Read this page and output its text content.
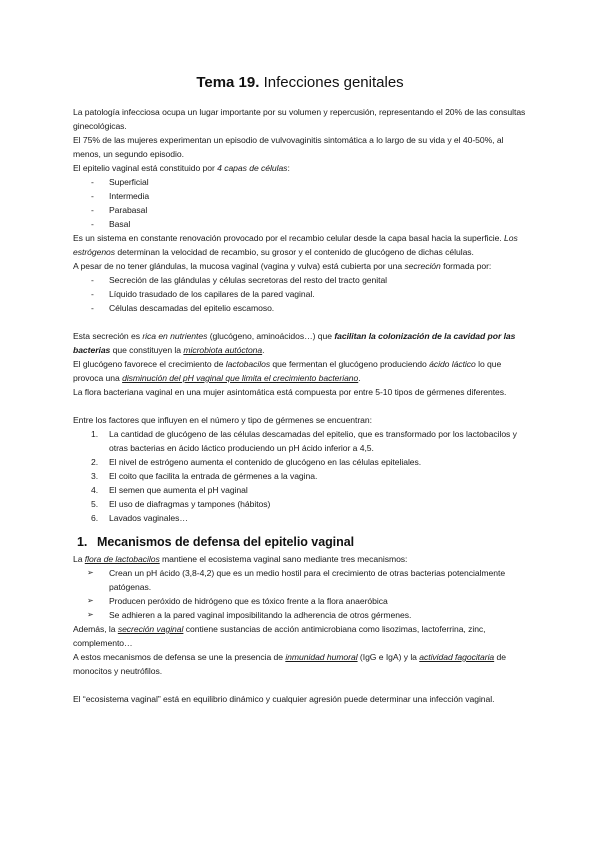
Tema 19. Infecciones genitales

La patología infecciosa ocupa un lugar importante por su volumen y repercusión, representando el 20% de las consultas ginecológicas.

El 75% de las mujeres experimentan un episodio de vulvovaginitis sintomática a lo largo de su vida y el 40-50%, al menos, un segundo episodio.

El epitelio vaginal está constituido por 4 capas de células:

- Superficial
- Intermedia
- Parabasal
- Basal

Es un sistema en constante renovación provocado por el recambio celular desde la capa basal hacia la superficie. Los estrógenos determinan la velocidad de recambio, su grosor y el contenido de glucógeno de dichas células.

A pesar de no tener glándulas, la mucosa vaginal (vagina y vulva) está cubierta por una secreción formada por:

- Secreción de las glándulas y células secretoras del resto del tracto genital
- Líquido trasudado de los capilares de la pared vaginal.
- Células descamadas del epitelio escamoso.

Esta secreción es rica en nutrientes (glucógeno, aminoácidos…) que facilitan la colonización de la cavidad por las bacterias que constituyen la microbiota autóctona.

El glucógeno favorece el crecimiento de lactobacilos que fermentan el glucógeno produciendo ácido láctico lo que provoca una disminución del pH vaginal que limita el crecimiento bacteriano.

La flora bacteriana vaginal en una mujer asintomática está compuesta por entre 5-10 tipos de gérmenes diferentes.

Entre los factores que influyen en el número y tipo de gérmenes se encuentran:

1. La cantidad de glucógeno de las células descamadas del epitelio, que es transformado por los lactobacilos y otras bacterias en ácido láctico produciendo un pH ácido inferior a 4,5.
2. El nivel de estrógeno aumenta el contenido de glucógeno en las células epiteliales.
3. El coito que facilita la entrada de gérmenes a la vagina.
4. El semen que aumenta el pH vaginal
5. El uso de diafragmas y tampones (hábitos)
6. Lavados vaginales…
1. Mecanismos de defensa del epitelio vaginal

La flora de lactobacilos mantiene el ecosistema vaginal sano mediante tres mecanismos:

➢ Crean un pH ácido (3,8-4,2) que es un medio hostil para el crecimiento de otras bacterias potencialmente patógenas.
➢ Producen peróxido de hidrógeno que es tóxico frente a la flora anaeróbica
➢ Se adhieren a la pared vaginal imposibilitando la adherencia de otros gérmenes.

Además, la secreción vaginal contiene sustancias de acción antimicrobiana como lisozimas, lactoferrina, zinc, complemento…

A estos mecanismos de defensa se une la presencia de inmunidad humoral (IgG e IgA) y la actividad fagocitaria de monocitos y neutrófilos.

El “ecosistema vaginal” está en equilibrio dinámico y cualquier agresión puede determinar una infección vaginal.
